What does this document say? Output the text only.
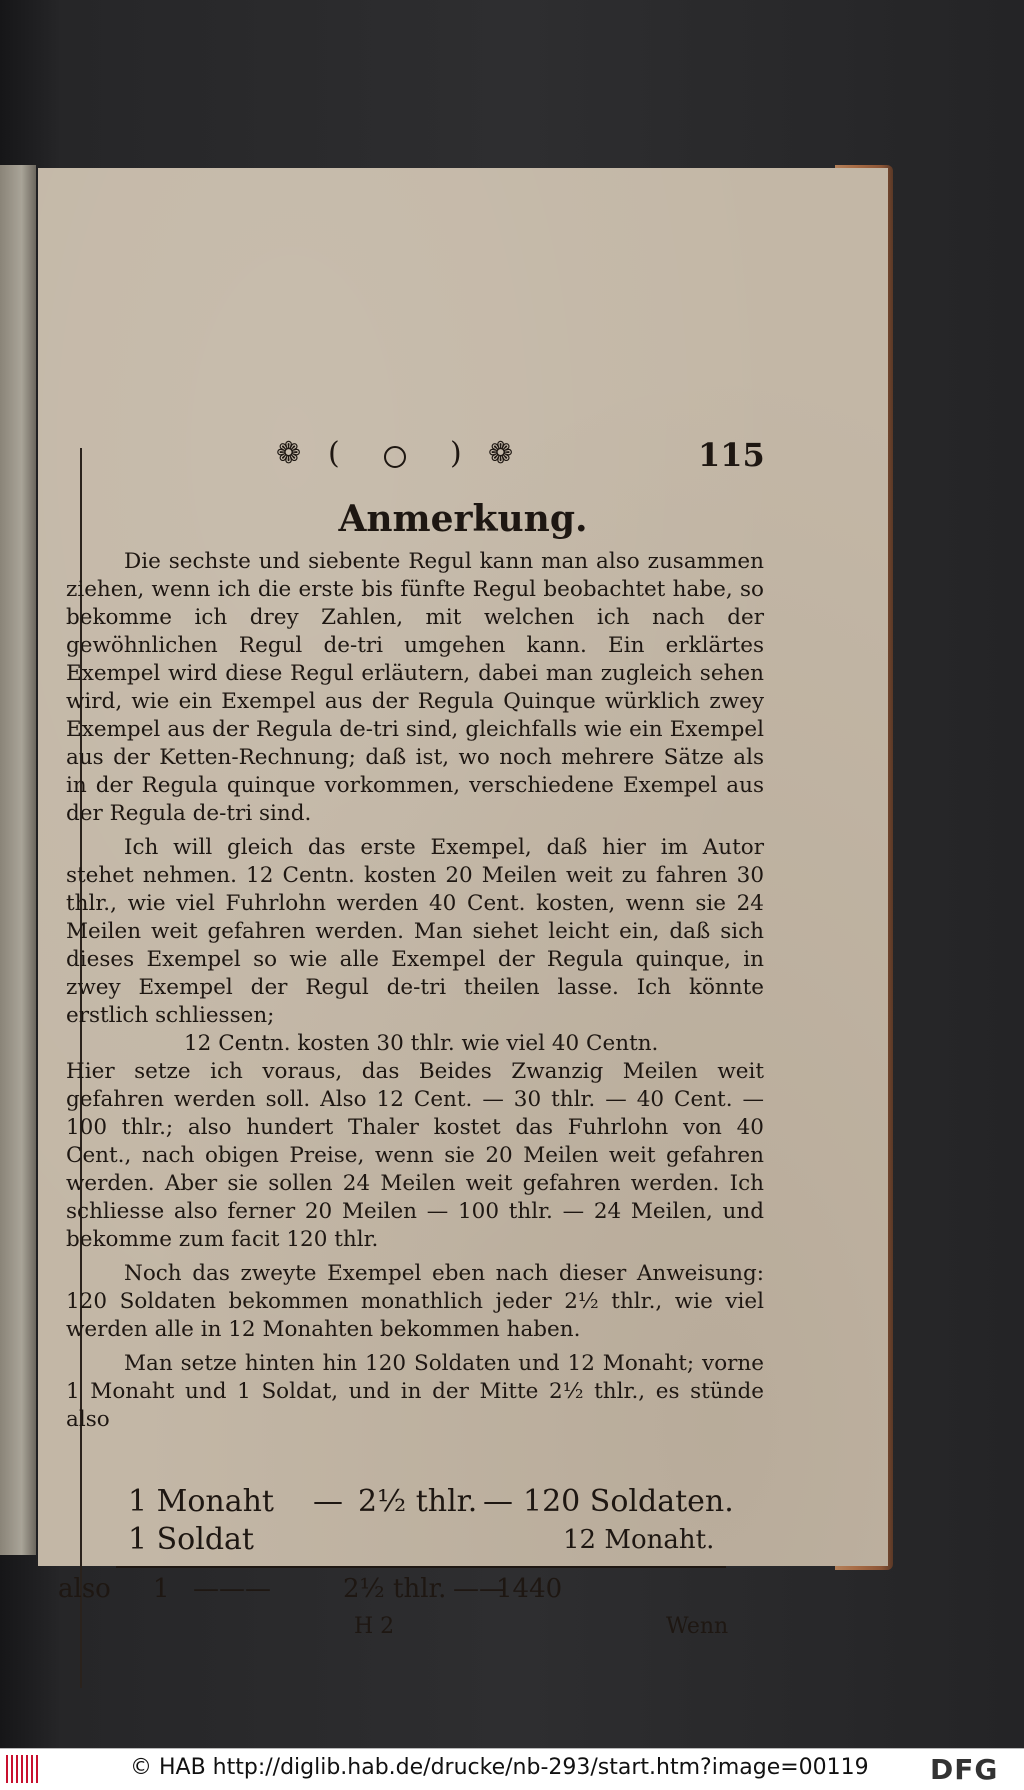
❁ (	) ❁	115
Anmerkung.

Die sechste und siebente Regul kann man also zusammen ziehen, wenn ich die erste bis fünfte Regul beobachtet habe, so bekomme ich drey Zahlen, mit welchen ich nach der gewöhnlichen Regul de-tri umgehen kann. Ein erklärtes Exempel wird diese Regul erläutern, dabei man zugleich sehen wird, wie ein Exempel aus der Regula Quinque würklich zwey Exempel aus der Regula de-tri sind, gleichfalls wie ein Exempel aus der Ketten-Rechnung; daß ist, wo noch mehrere Sätze als in der Regula quinque vorkommen, verschiedene Exempel aus der Regula de-tri sind.

Ich will gleich das erste Exempel, daß hier im Autor stehet nehmen. 12 Centn. kosten 20 Meilen weit zu fahren 30 thlr., wie viel Fuhrlohn werden 40 Cent. kosten, wenn sie 24 Meilen weit gefahren werden. Man siehet leicht ein, daß sich dieses Exempel so wie alle Exempel der Regula quinque, in zwey Exempel der Regul de-tri theilen lasse. Ich könnte erstlich schliessen;

12 Centn. kosten 30 thlr. wie viel 40 Centn.

Hier setze ich voraus, das Beides Zwanzig Meilen weit gefahren werden soll. Also 12 Cent. — 30 thlr. — 40 Cent. — 100 thlr.; also hundert Thaler kostet das Fuhrlohn von 40 Cent., nach obigen Preise, wenn sie 20 Meilen weit gefahren werden. Aber sie sollen 24 Meilen weit gefahren werden. Ich schliesse also ferner 20 Meilen — 100 thlr. — 24 Meilen, und bekomme zum facit 120 thlr.

Noch das zweyte Exempel eben nach dieser Anweisung: 120 Soldaten bekommen monathlich jeder 2½ thlr., wie viel werden alle in 12 Monahten bekommen haben.

Man setze hinten hin 120 Soldaten und 12 Monaht; vorne 1 Monaht und 1 Soldat, und in der Mitte 2½ thlr., es stünde also

1 Monaht — 2½ thlr. — 120 Soldaten.
1 Soldat	12 Monaht.
also 1 ———	2½ thlr. ——
1440
H 2	Wenn
© HAB http://diglib.hab.de/drucke/nb-293/start.htm?image=00119 DFG
